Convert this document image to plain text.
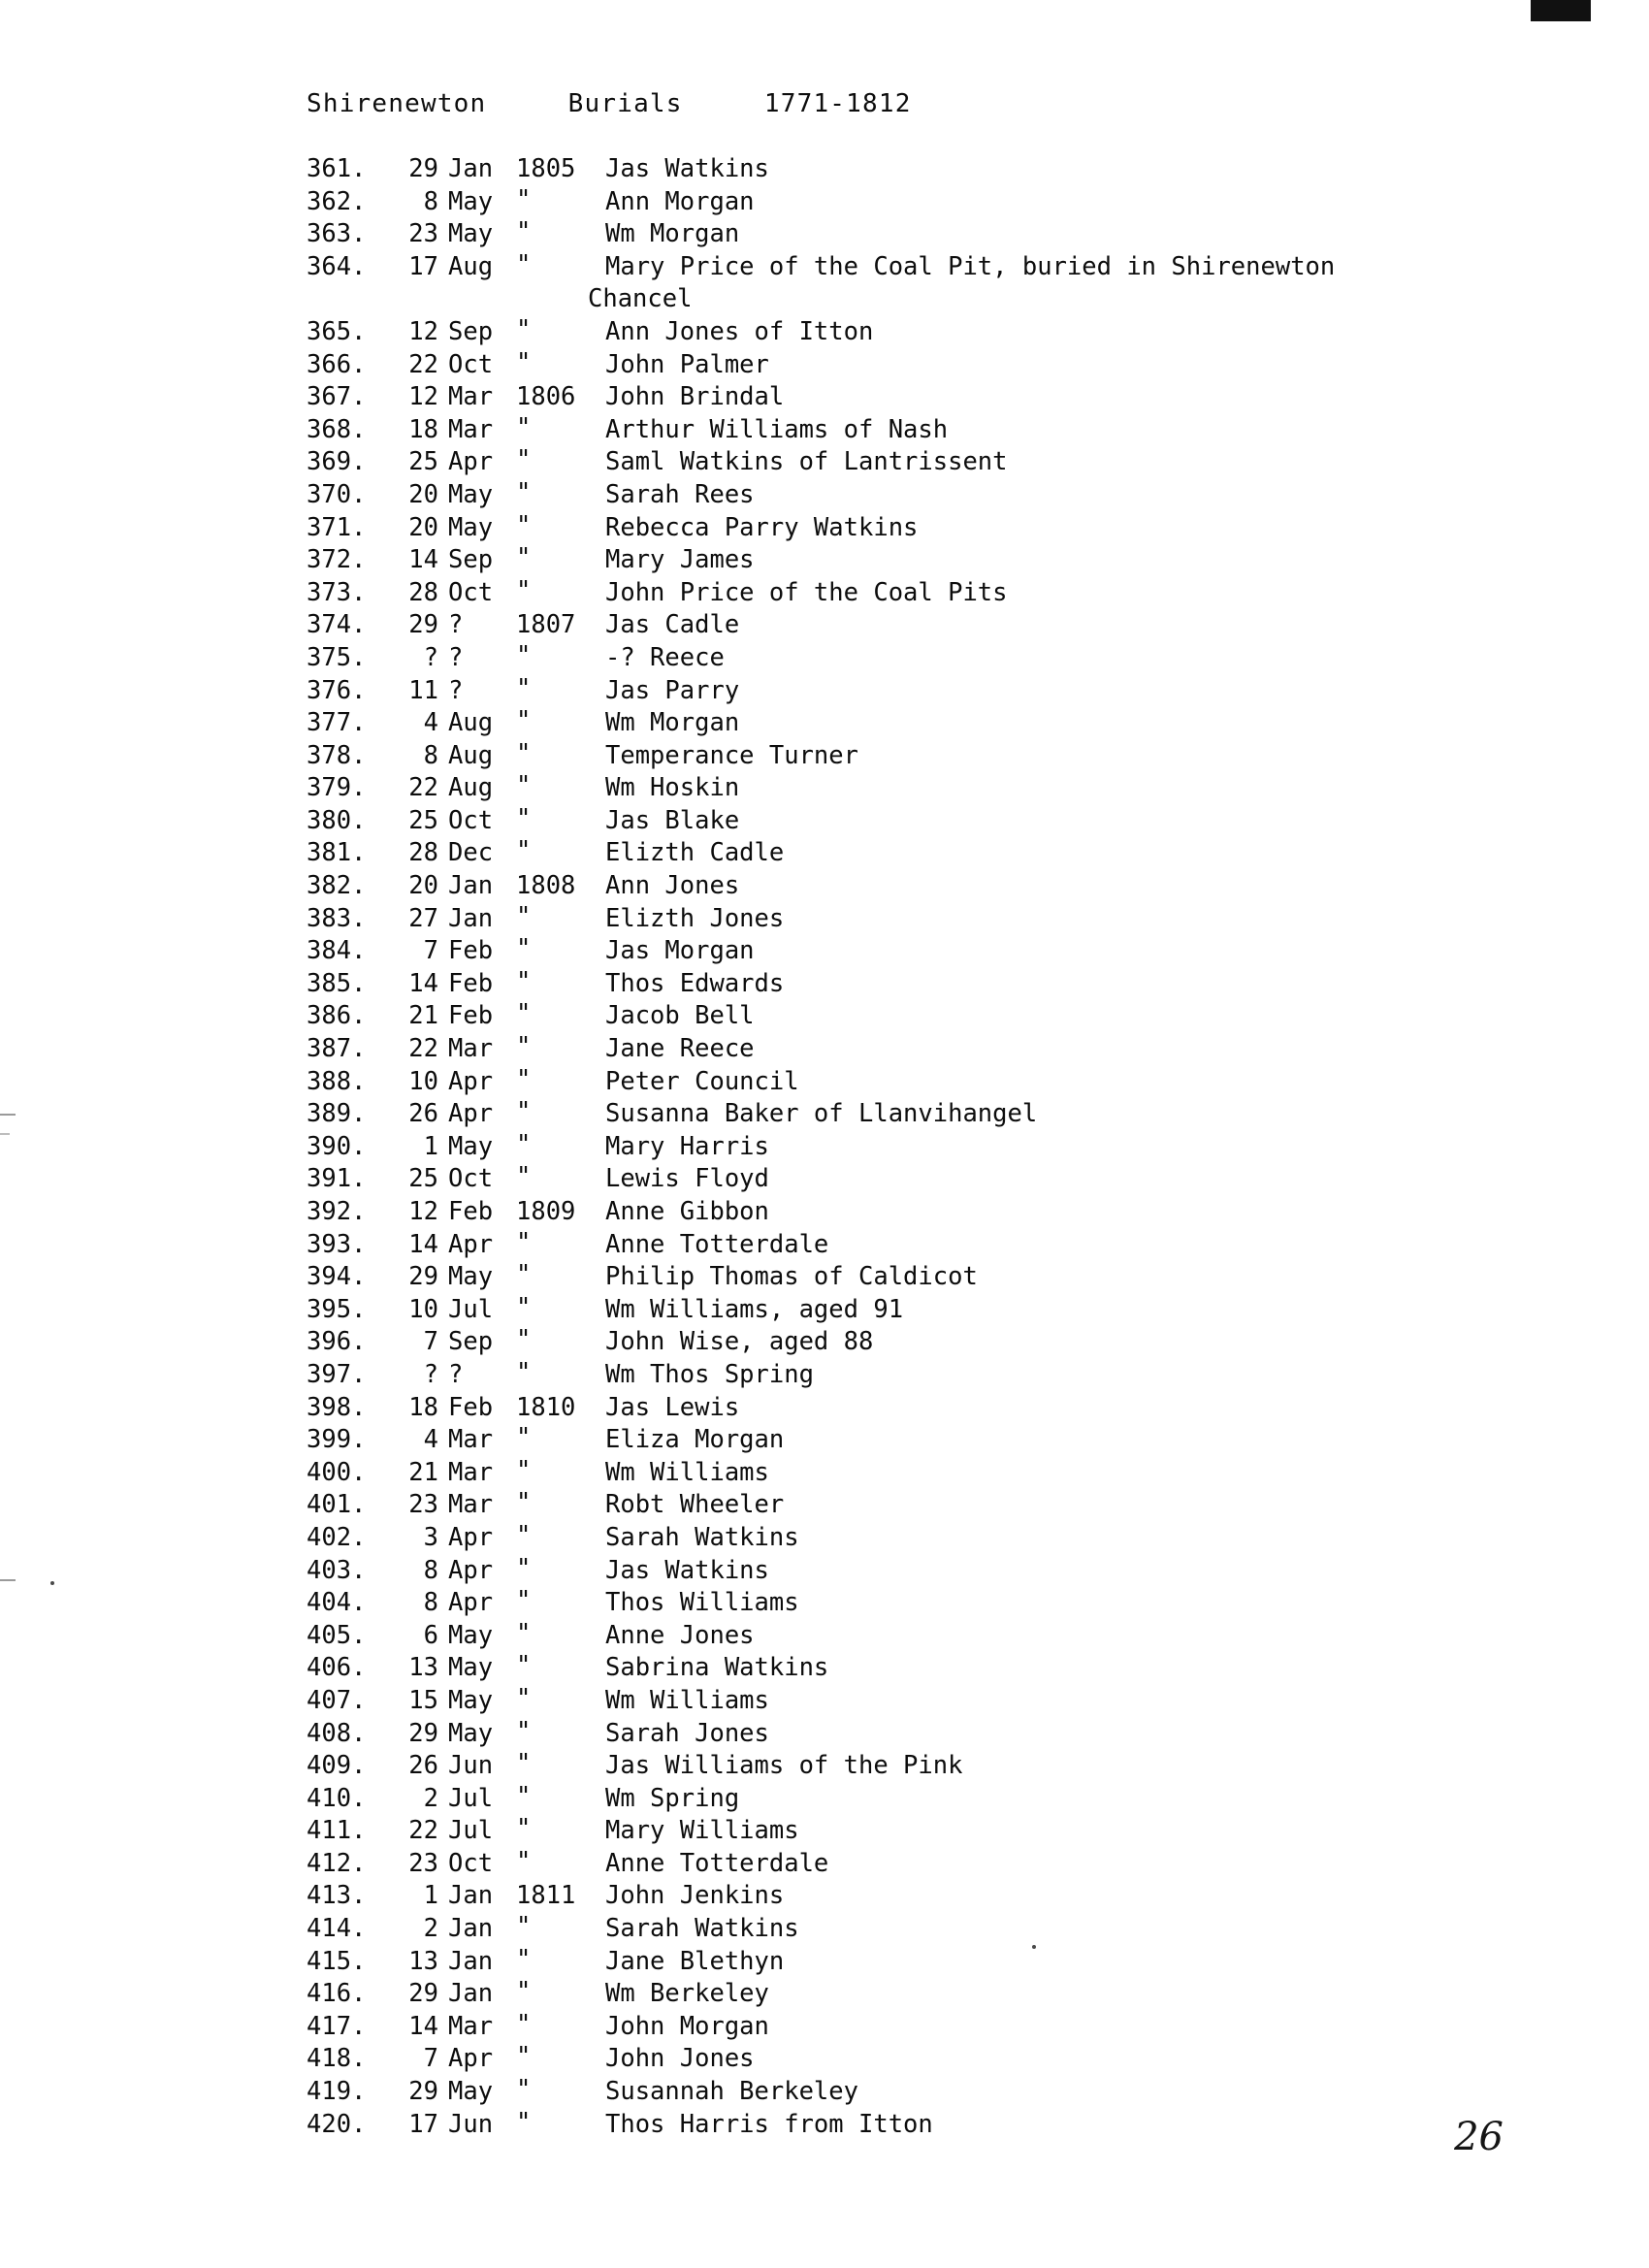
Shirenewton     Burials     1771-1812
361.	29 Jan 1805	Jas Watkins
362.	8 May "	Ann Morgan
363.	23 May "	Wm Morgan
364.	17 Aug "	Mary Price of the Coal Pit, buried in Shirenewton
Chancel
365.	12 Sep "	Ann Jones of Itton
366.	22 Oct "	John Palmer
367.	12 Mar 1806	John Brindal
368.	18 Mar "	Arthur Williams of Nash
369.	25 Apr "	Saml Watkins of Lantrissent
370.	20 May "	Sarah Rees
371.	20 May "	Rebecca Parry Watkins
372.	14 Sep "	Mary James
373.	28 Oct "	John Price of the Coal Pits
374.	29 ?	1807	Jas Cadle
375.	? ?	"	-? Reece
376.	11 ?	"	Jas Parry
377.	4 Aug "	Wm Morgan
378.	8 Aug "	Temperance Turner
379.	22 Aug "	Wm Hoskin
380.	25 Oct "	Jas Blake
381.	28 Dec "	Elizth Cadle
382.	20 Jan 1808	Ann Jones
383.	27 Jan "	Elizth Jones
384.	7 Feb "	Jas Morgan
385.	14 Feb "	Thos Edwards
386.	21 Feb "	Jacob Bell
387.	22 Mar "	Jane Reece
388.	10 Apr "	Peter Council
389.	26 Apr "	Susanna Baker of Llanvihangel
390.	1 May "	Mary Harris
391.	25 Oct "	Lewis Floyd
392.	12 Feb 1809	Anne Gibbon
393.	14 Apr "	Anne Totterdale
394.	29 May "	Philip Thomas of Caldicot
395.	10 Jul "	Wm Williams, aged 91
396.	7 Sep "	John Wise, aged 88
397.	? ?	"	Wm Thos Spring
398.	18 Feb 1810	Jas Lewis
399.	4 Mar "	Eliza Morgan
400.	21 Mar "	Wm Williams
401.	23 Mar "	Robt Wheeler
402.	3 Apr "	Sarah Watkins
403.	8 Apr "	Jas Watkins
404.	8 Apr "	Thos Williams
405.	6 May "	Anne Jones
406.	13 May "	Sabrina Watkins
407.	15 May "	Wm Williams
408.	29 May "	Sarah Jones
409.	26 Jun "	Jas Williams of the Pink
410.	2 Jul "	Wm Spring
411.	22 Jul "	Mary Williams
412.	23 Oct "	Anne Totterdale
413.	1 Jan 1811	John Jenkins
414.	2 Jan "	Sarah Watkins
415.	13 Jan "	Jane Blethyn
416.	29 Jan "	Wm Berkeley
417.	14 Mar "	John Morgan
418.	7 Apr "	John Jones
419.	29 May "	Susannah Berkeley
420.	17 Jun "	Thos Harris from Itton	26
